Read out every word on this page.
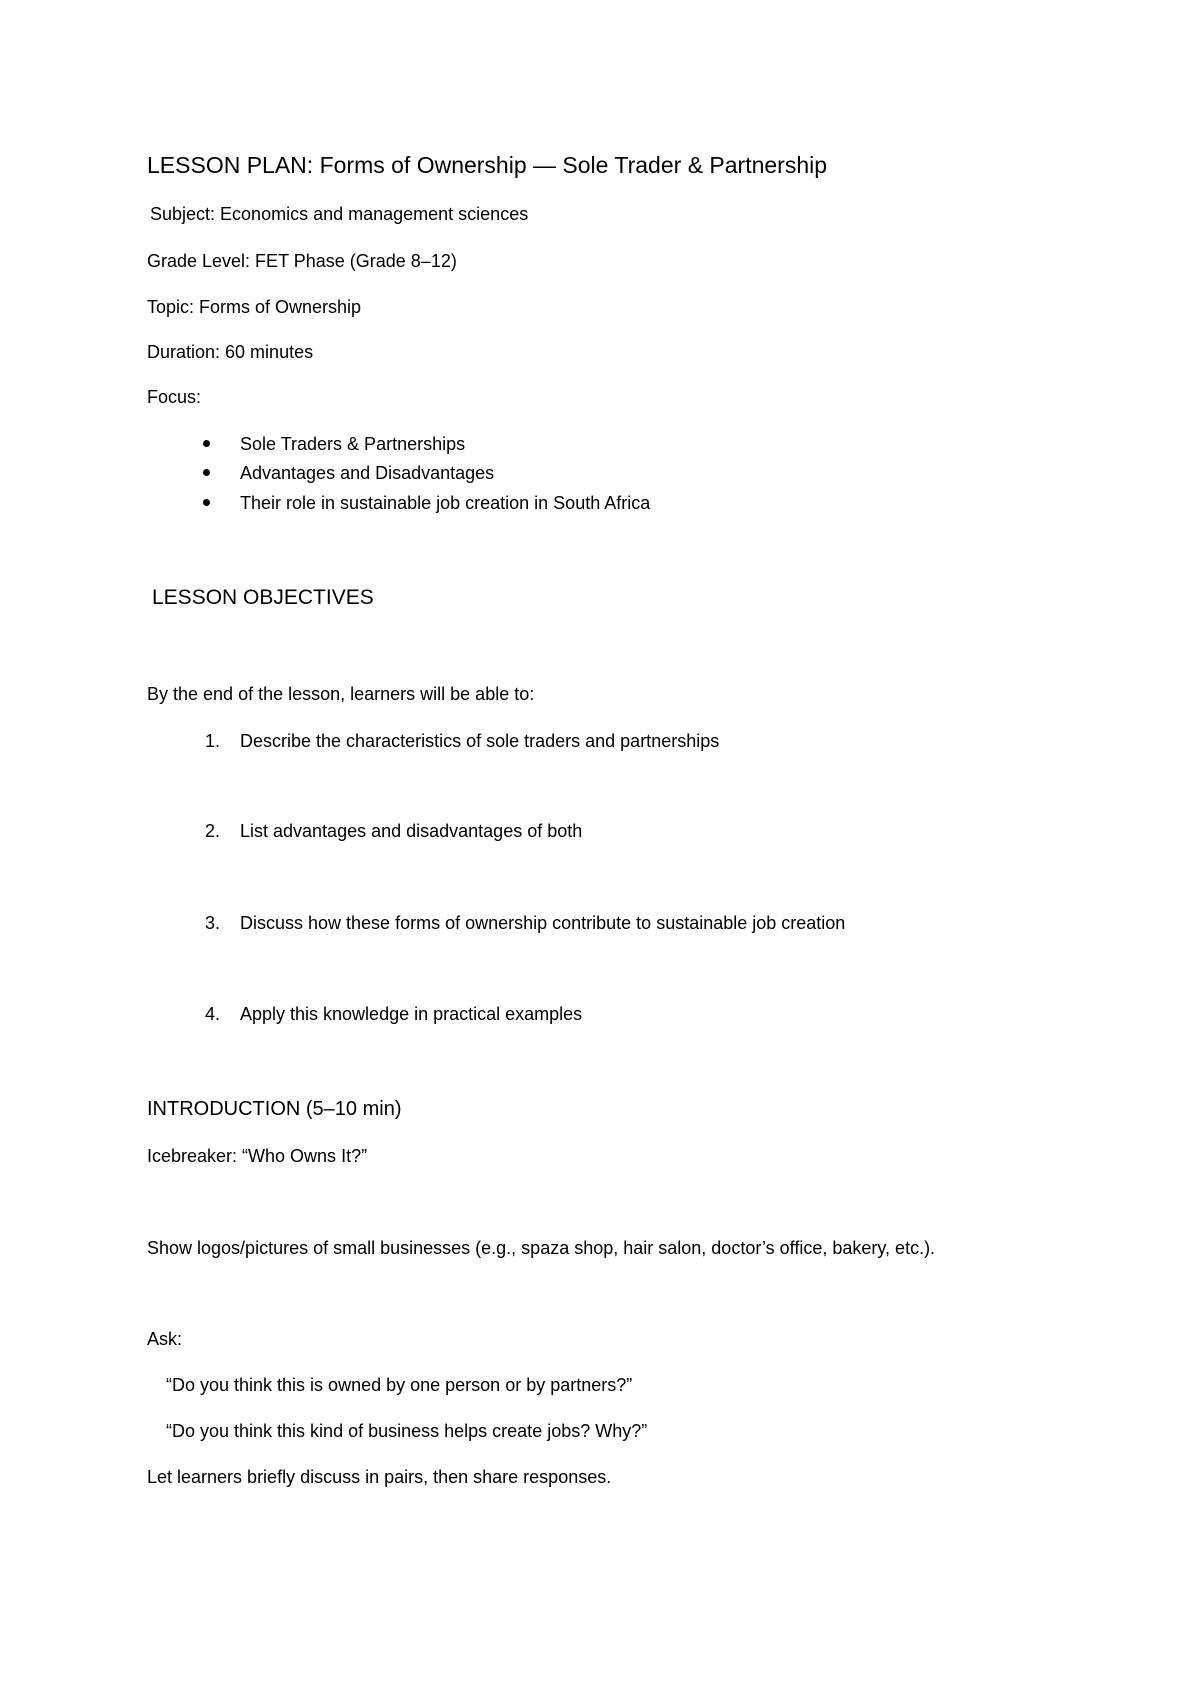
LESSON PLAN: Forms of Ownership — Sole Trader & Partnership

Subject: Economics and management sciences

Grade Level: FET Phase (Grade 8–12)

Topic: Forms of Ownership

Duration: 60 minutes

Focus:

Sole Traders & Partnerships

Advantages and Disadvantages

Their role in sustainable job creation in South Africa

LESSON OBJECTIVES

By the end of the lesson, learners will be able to:

1. Describe the characteristics of sole traders and partnerships

2. List advantages and disadvantages of both

3. Discuss how these forms of ownership contribute to sustainable job creation

4. Apply this knowledge in practical examples

INTRODUCTION (5–10 min)

Icebreaker: “Who Owns It?”

Show logos/pictures of small businesses (e.g., spaza shop, hair salon, doctor’s office, bakery, etc.).

Ask:

“Do you think this is owned by one person or by partners?”

“Do you think this kind of business helps create jobs? Why?”

Let learners briefly discuss in pairs, then share responses.
